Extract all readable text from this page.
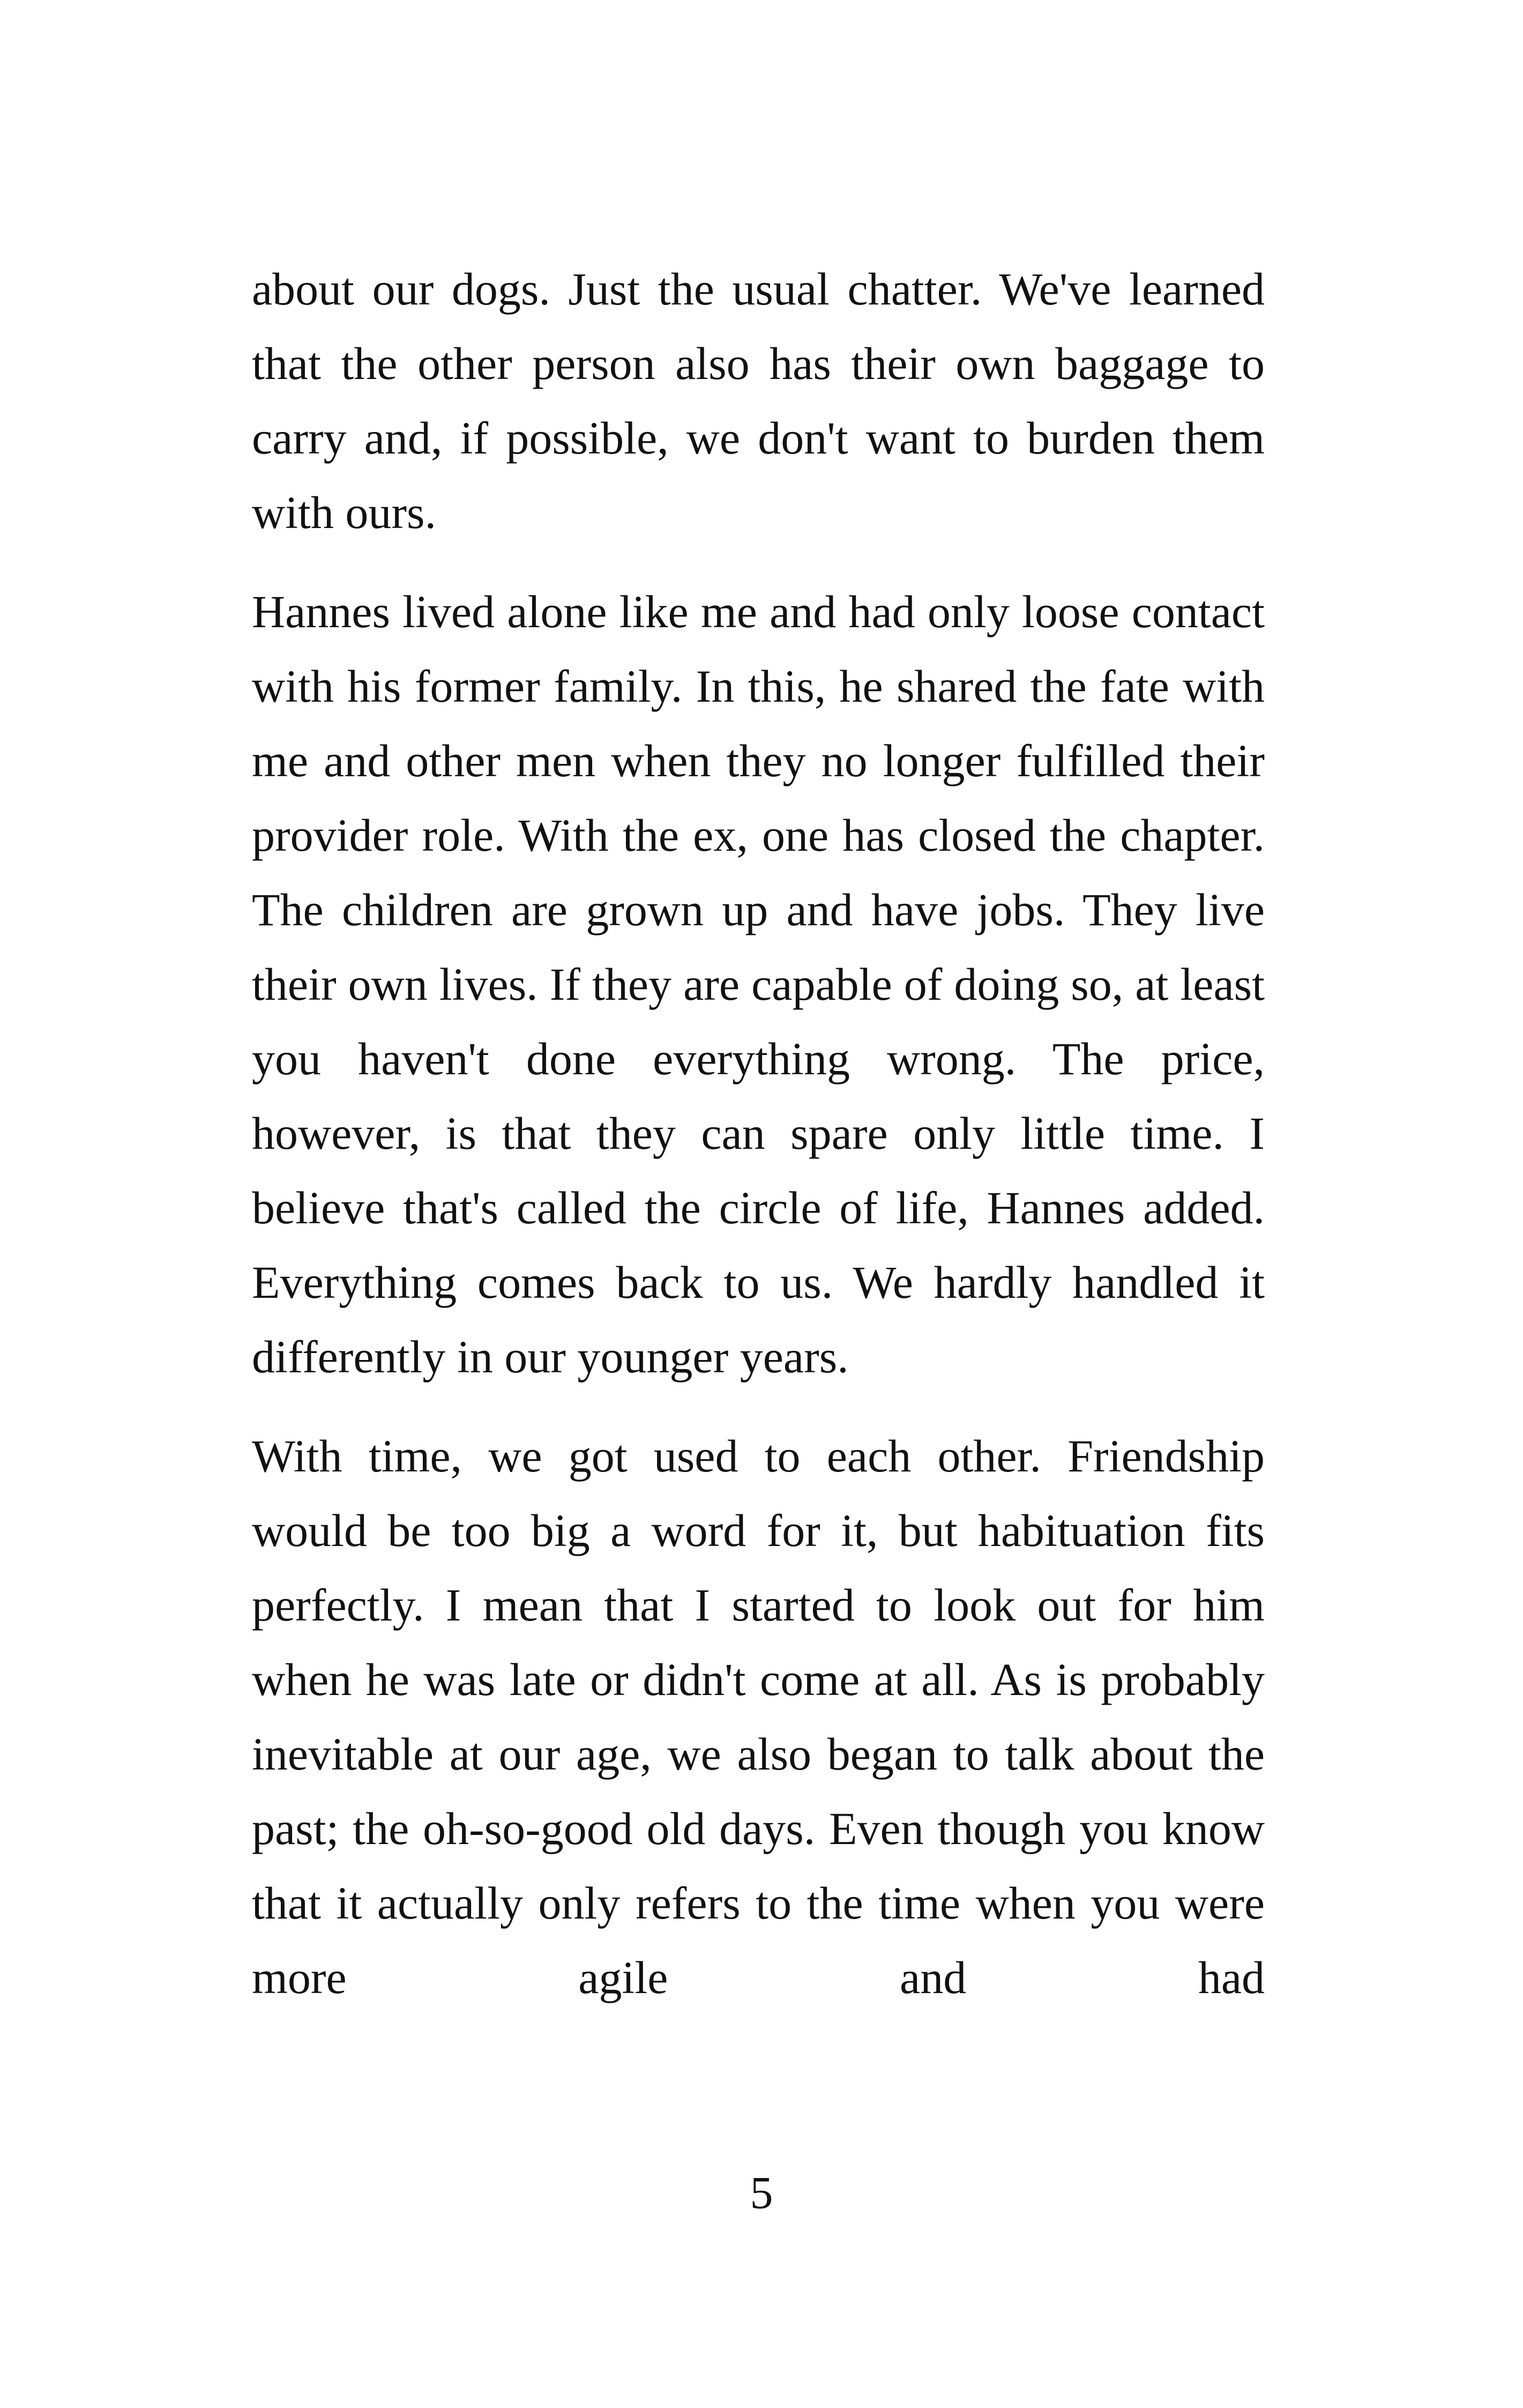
about our dogs. Just the usual chatter. We've learned that the other person also has their own baggage to carry and, if possible, we don't want to burden them with ours.

Hannes lived alone like me and had only loose contact with his former family. In this, he shared the fate with me and other men when they no longer fulfilled their provider role. With the ex, one has closed the chapter. The children are grown up and have jobs. They live their own lives. If they are capable of doing so, at least you haven't done everything wrong. The price, however, is that they can spare only little time. I believe that's called the circle of life, Hannes added. Everything comes back to us. We hardly handled it differently in our younger years.

With time, we got used to each other. Friendship would be too big a word for it, but habituation fits perfectly. I mean that I started to look out for him when he was late or didn't come at all. As is probably inevitable at our age, we also began to talk about the past; the oh-so-good old days. Even though you know that it actually only refers to the time when you were more agile and had

5
